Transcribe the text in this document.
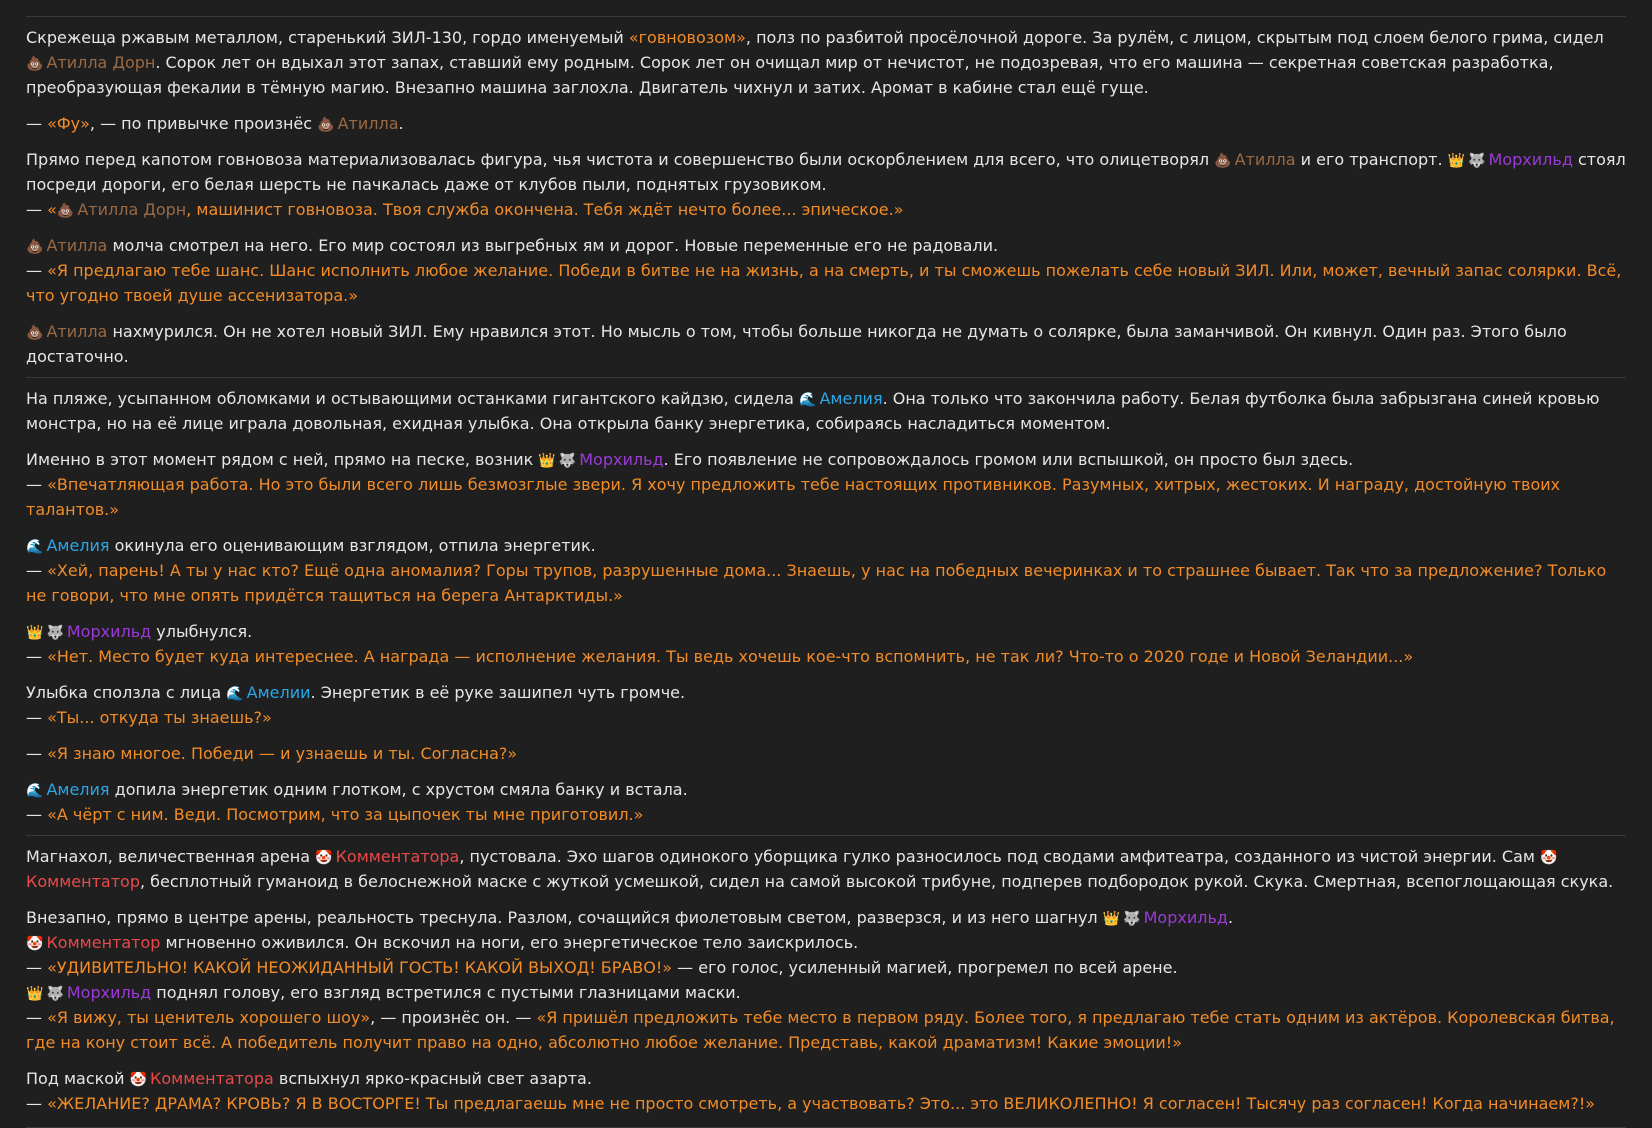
Скрежеща ржавым металлом, старенький ЗИЛ-130, гордо именуемый «говновозом», полз по разбитой просёлочной дороге. За рулём, с лицом, скрытым под слоем белого грима, сидел 💩 Атилла Дорн. Сорок лет он вдыхал этот запах, ставший ему родным. Сорок лет он очищал мир от нечистот, не подозревая, что его машина — секретная советская разработка, преобразующая фекалии в тёмную магию. Внезапно машина заглохла. Двигатель чихнул и затих. Аромат в кабине стал ещё гуще.

— «Фу», — по привычке произнёс 💩 Атилла.

Прямо перед капотом говновоза материализовалась фигура, чья чистота и совершенство были оскорблением для всего, что олицетворял 💩 Атилла и его транспорт. 👑 🐺 Морхильд стоял посреди дороги, его белая шерсть не пачкалась даже от клубов пыли, поднятых грузовиком.
— «💩 Атилла Дорн, машинист говновоза. Твоя служба окончена. Тебя ждёт нечто более... эпическое.»

💩 Атилла молча смотрел на него. Его мир состоял из выгребных ям и дорог. Новые переменные его не радовали.
— «Я предлагаю тебе шанс. Шанс исполнить любое желание. Победи в битве не на жизнь, а на смерть, и ты сможешь пожелать себе новый ЗИЛ. Или, может, вечный запас солярки. Всё, что угодно твоей душе ассенизатора.»

💩 Атилла нахмурился. Он не хотел новый ЗИЛ. Ему нравился этот. Но мысль о том, чтобы больше никогда не думать о солярке, была заманчивой. Он кивнул. Один раз. Этого было достаточно.

На пляже, усыпанном обломками и остывающими останками гигантского кайдзю, сидела 🌊 Амелия. Она только что закончила работу. Белая футболка была забрызгана синей кровью монстра, но на её лице играла довольная, ехидная улыбка. Она открыла банку энергетика, собираясь насладиться моментом.

Именно в этот момент рядом с ней, прямо на песке, возник 👑 🐺 Морхильд. Его появление не сопровождалось громом или вспышкой, он просто был здесь.
— «Впечатляющая работа. Но это были всего лишь безмозглые звери. Я хочу предложить тебе настоящих противников. Разумных, хитрых, жестоких. И награду, достойную твоих талантов.»

🌊 Амелия окинула его оценивающим взглядом, отпила энергетик.
— «Хей, парень! А ты у нас кто? Ещё одна аномалия? Горы трупов, разрушенные дома... Знаешь, у нас на победных вечеринках и то страшнее бывает. Так что за предложение? Только не говори, что мне опять придётся тащиться на берега Антарктиды.»

👑 🐺 Морхильд улыбнулся.
— «Нет. Место будет куда интереснее. А награда — исполнение желания. Ты ведь хочешь кое-что вспомнить, не так ли? Что-то о 2020 годе и Новой Зеландии...»

Улыбка сползла с лица 🌊 Амелии. Энергетик в её руке зашипел чуть громче.
— «Ты... откуда ты знаешь?»

— «Я знаю многое. Победи — и узнаешь и ты. Согласна?»

🌊 Амелия допила энергетик одним глотком, с хрустом смяла банку и встала.
— «А чёрт с ним. Веди. Посмотрим, что за цыпочек ты мне приготовил.»

Магнахол, величественная арена 🤡 Комментатора, пустовала. Эхо шагов одинокого уборщика гулко разносилось под сводами амфитеатра, созданного из чистой энергии. Сам 🤡Комментатор, бесплотный гуманоид в белоснежной маске с жуткой усмешкой, сидел на самой высокой трибуне, подперев подбородок рукой. Скука. Смертная, всепоглощающая скука.

Внезапно, прямо в центре арены, реальность треснула. Разлом, сочащийся фиолетовым светом, разверзся, и из него шагнул 👑 🐺 Морхильд.
🤡 Комментатор мгновенно оживился. Он вскочил на ноги, его энергетическое тело заискрилось.
— «УДИВИТЕЛЬНО! КАКОЙ НЕОЖИДАННЫЙ ГОСТЬ! КАКОЙ ВЫХОД! БРАВО!» — его голос, усиленный магией, прогремел по всей арене.
👑 🐺 Морхильд поднял голову, его взгляд встретился с пустыми глазницами маски.
— «Я вижу, ты ценитель хорошего шоу», — произнёс он. — «Я пришёл предложить тебе место в первом ряду. Более того, я предлагаю тебе стать одним из актёров. Королевская битва, где на кону стоит всё. А победитель получит право на одно, абсолютно любое желание. Представь, какой драматизм! Какие эмоции!»

Под маской 🤡 Комментатора вспыхнул ярко-красный свет азарта.
— «ЖЕЛАНИЕ? ДРАМА? КРОВЬ? Я В ВОСТОРГЕ! Ты предлагаешь мне не просто смотреть, а участвовать? Это... это ВЕЛИКОЛЕПНО! Я согласен! Тысячу раз согласен! Когда начинаем?!»
